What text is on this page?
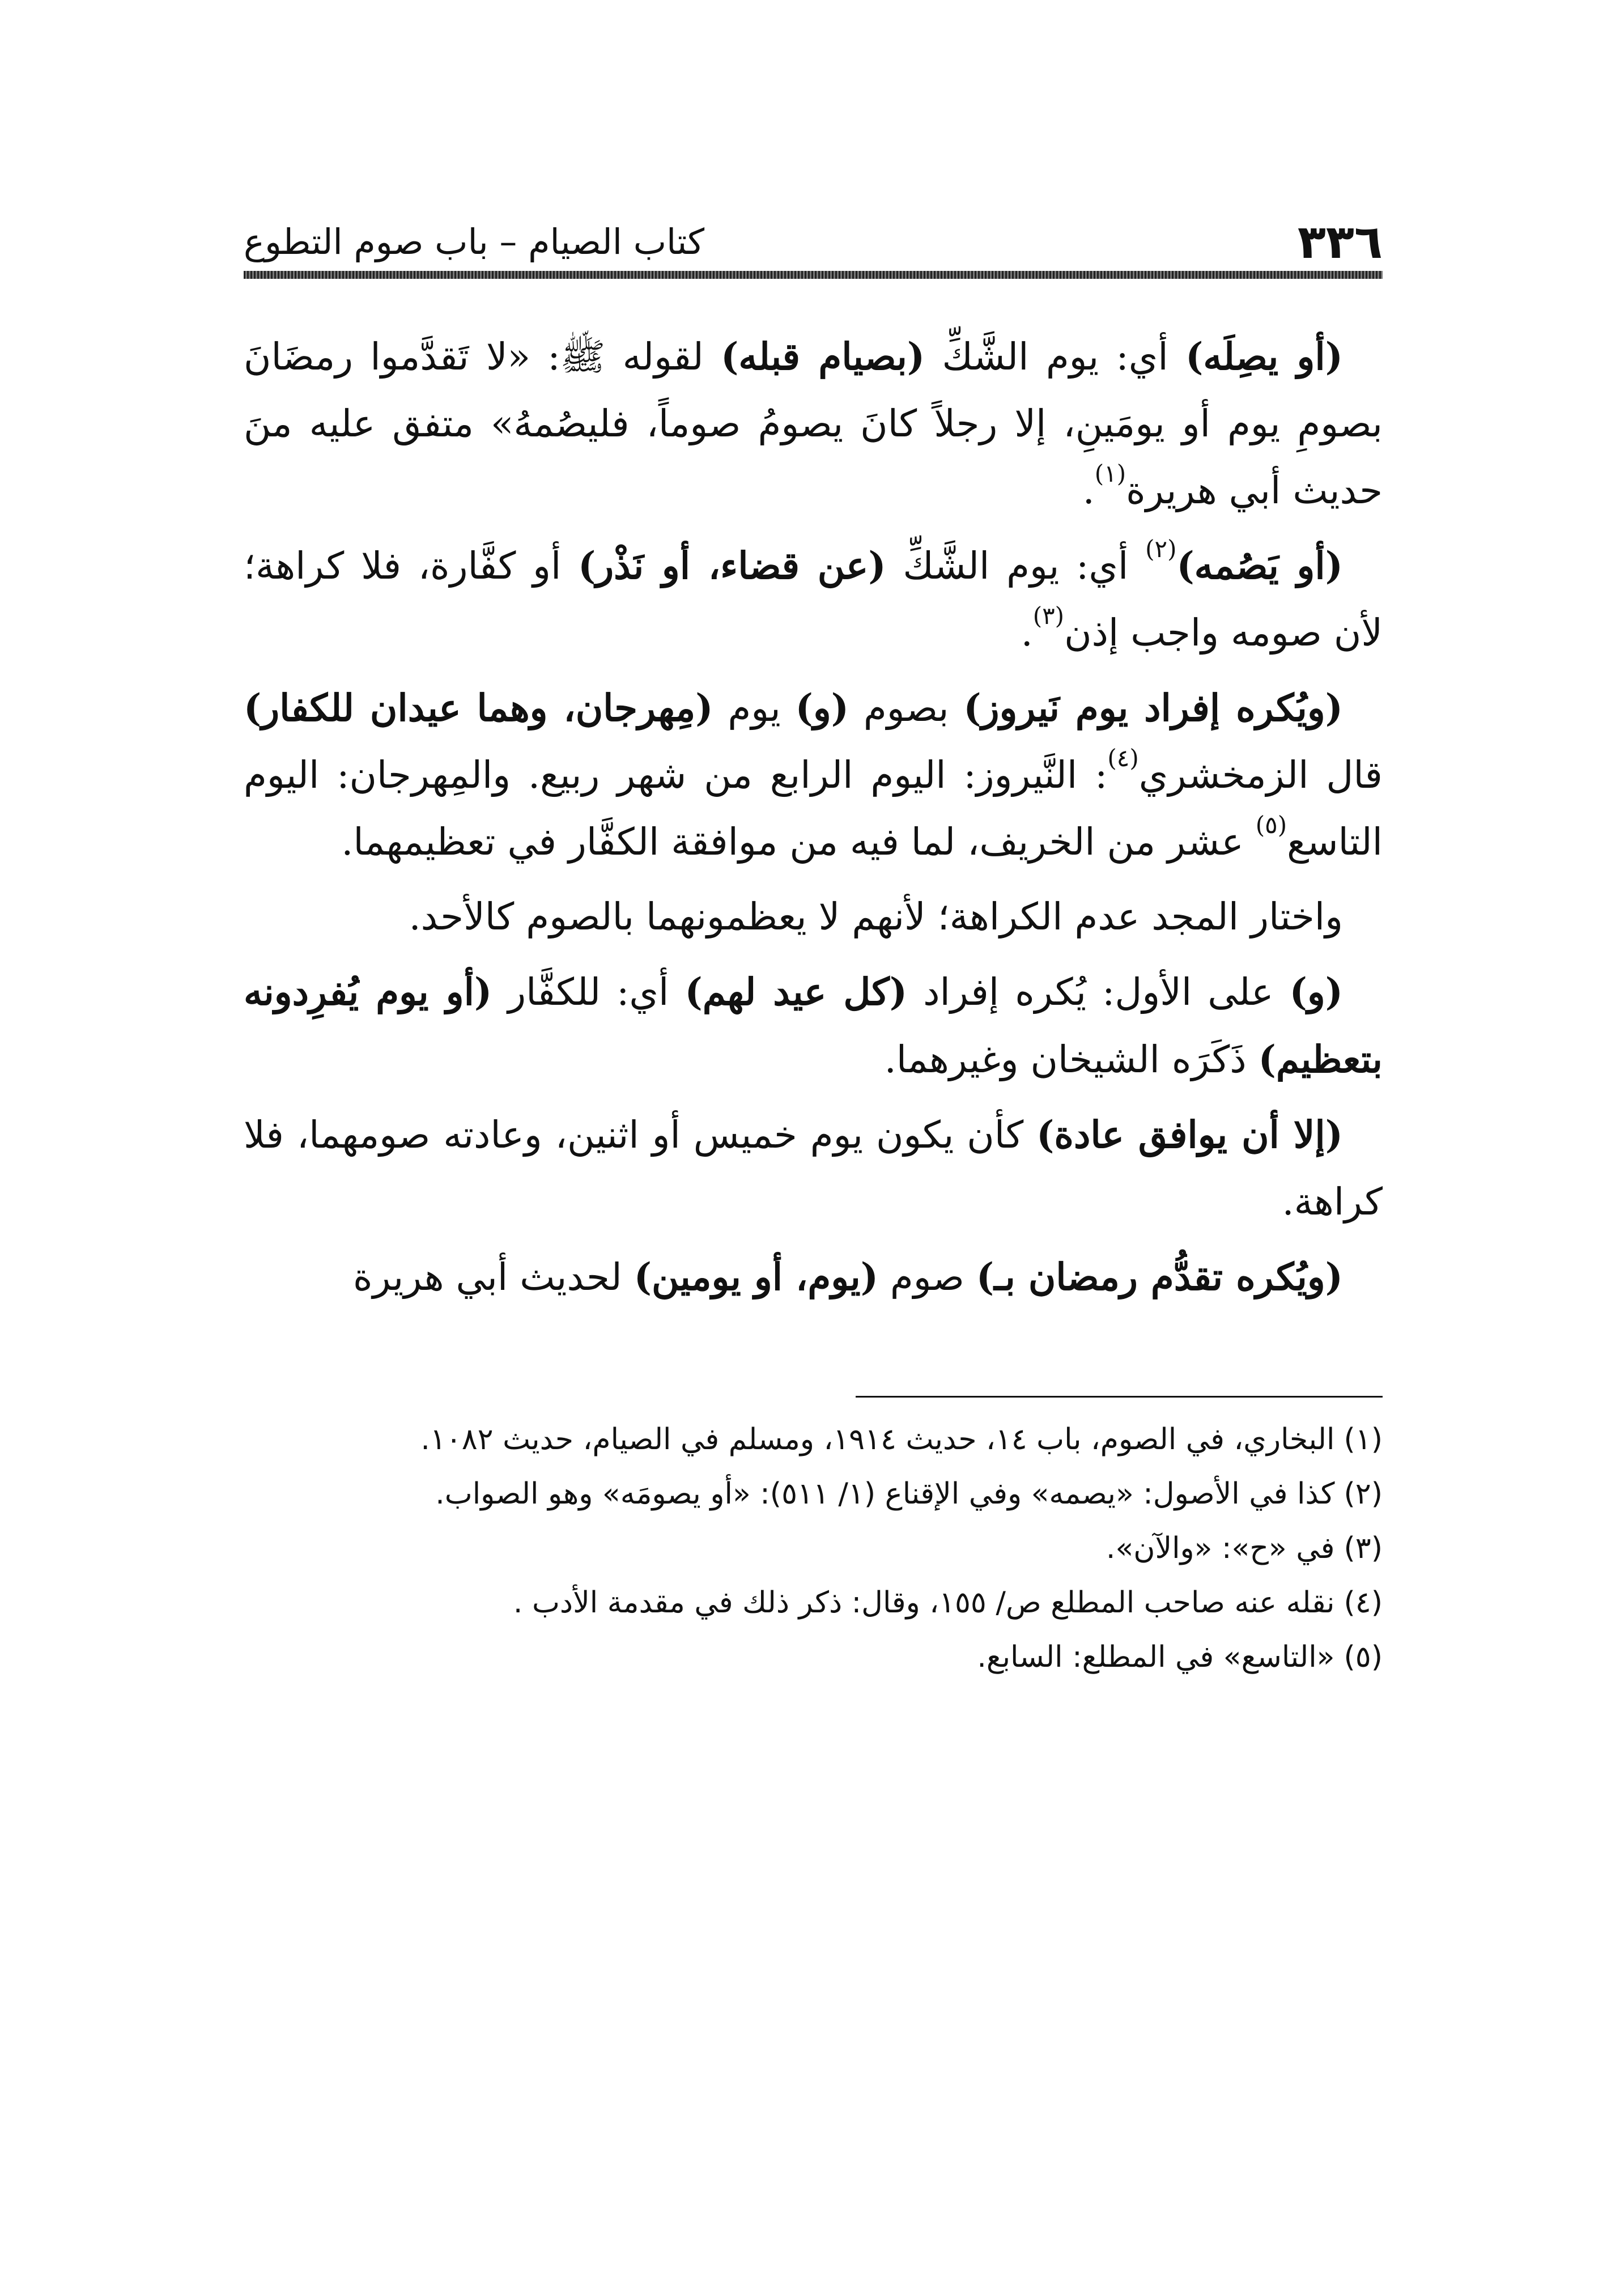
٣٣٦
كتاب الصيام – باب صوم التطوع

(أو يصِلَه) أي: يوم الشَّكِّ (بصيام قبله) لقوله ﷺ: «لا تَقدَّموا رمضَانَ بصومِ يوم أو يومَينِ، إلا رجلاً كانَ يصومُ صوماً، فليصُمهُ» متفق عليه منَ حديث أبي هريرة$^{(١)}$.

(أو يَصُمه)$^{(٢)}$ أي: يوم الشَّكِّ (عن قضاء، أو نَذْر) أو كفَّارة، فلا كراهة؛ لأن صومه واجب إذن$^{(٣)}$.

(ويُكره إفراد يوم نَيروز) بصوم (و) يوم (مِهرجان، وهما عيدان للكفار) قال الزمخشري$^{(٤)}$: النَّيروز: اليوم الرابع من شهر ربيع. والمِهرجان: اليوم التاسع$^{(٥)}$ عشر من الخريف، لما فيه من موافقة الكفَّار في تعظيمهما.

واختار المجد عدم الكراهة؛ لأنهم لا يعظمونهما بالصوم كالأحد.

(و) على الأول: يُكره إفراد (كل عيد لهم) أي: للكفَّار (أو يوم يُفرِدونه بتعظيم) ذَكَرَه الشيخان وغيرهما.

(إلا أن يوافق عادة) كأن يكون يوم خميس أو اثنين، وعادته صومهما، فلا كراهة.

(ويُكره تقدُّم رمضان بـ) صوم (يوم، أو يومين) لحديث أبي هريرة

(١)البخاري، في الصوم، باب ١٤، حديث ١٩١٤، ومسلم في الصيام، حديث ١٠٨٢.

(٢)كذا في الأصول: «يصمه» وفي الإقناع (١/ ٥١١): «أو يصومَه» وهو الصواب.

(٣)في «ح»: «والآن».

(٤)نقله عنه صاحب المطلع ص/ ١٥٥، وقال: ذكر ذلك في مقدمة الأدب .

(٥)«التاسع» في المطلع: السابع.
